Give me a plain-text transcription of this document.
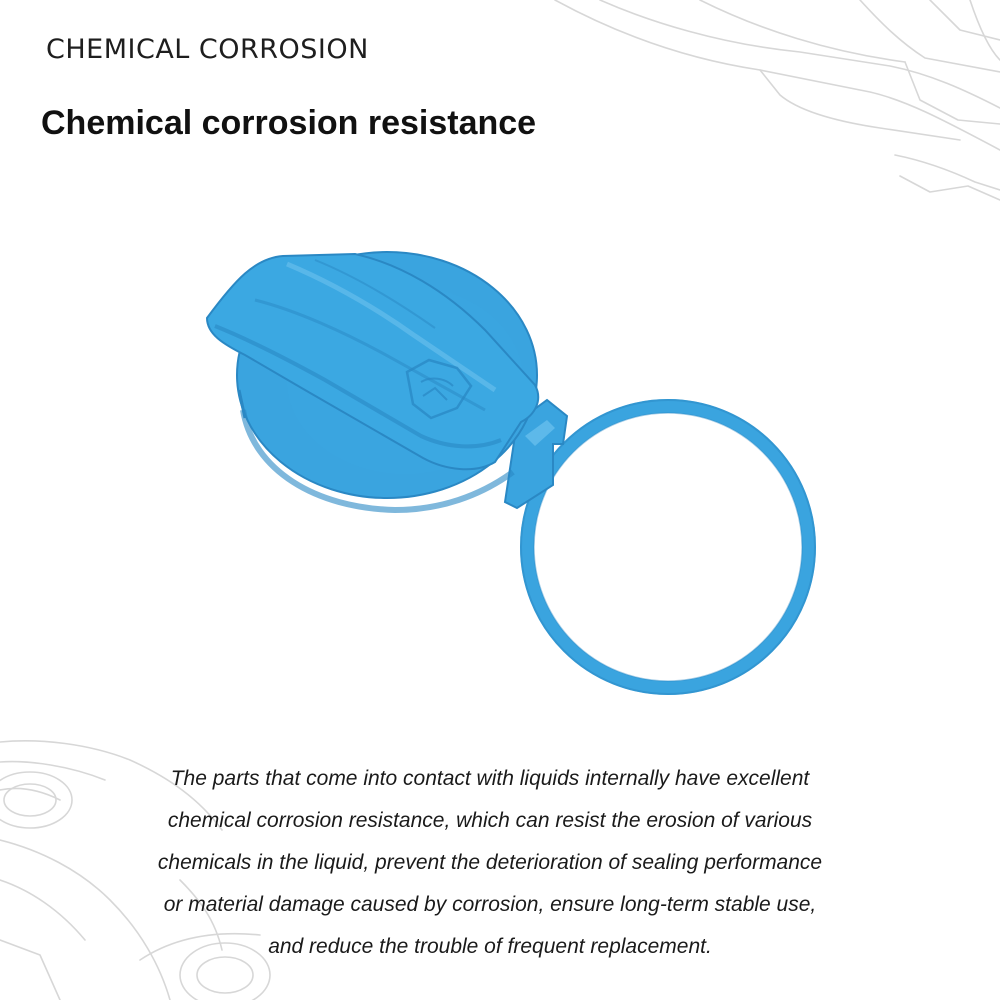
CHEMICAL CORROSION
Chemical corrosion resistance
The parts that come into contact with liquids internally have excellent
chemical corrosion resistance, which can resist the erosion of various
chemicals in the liquid, prevent the deterioration of sealing performance
or material damage caused by corrosion, ensure long-term stable use,
and reduce the trouble of frequent replacement.
